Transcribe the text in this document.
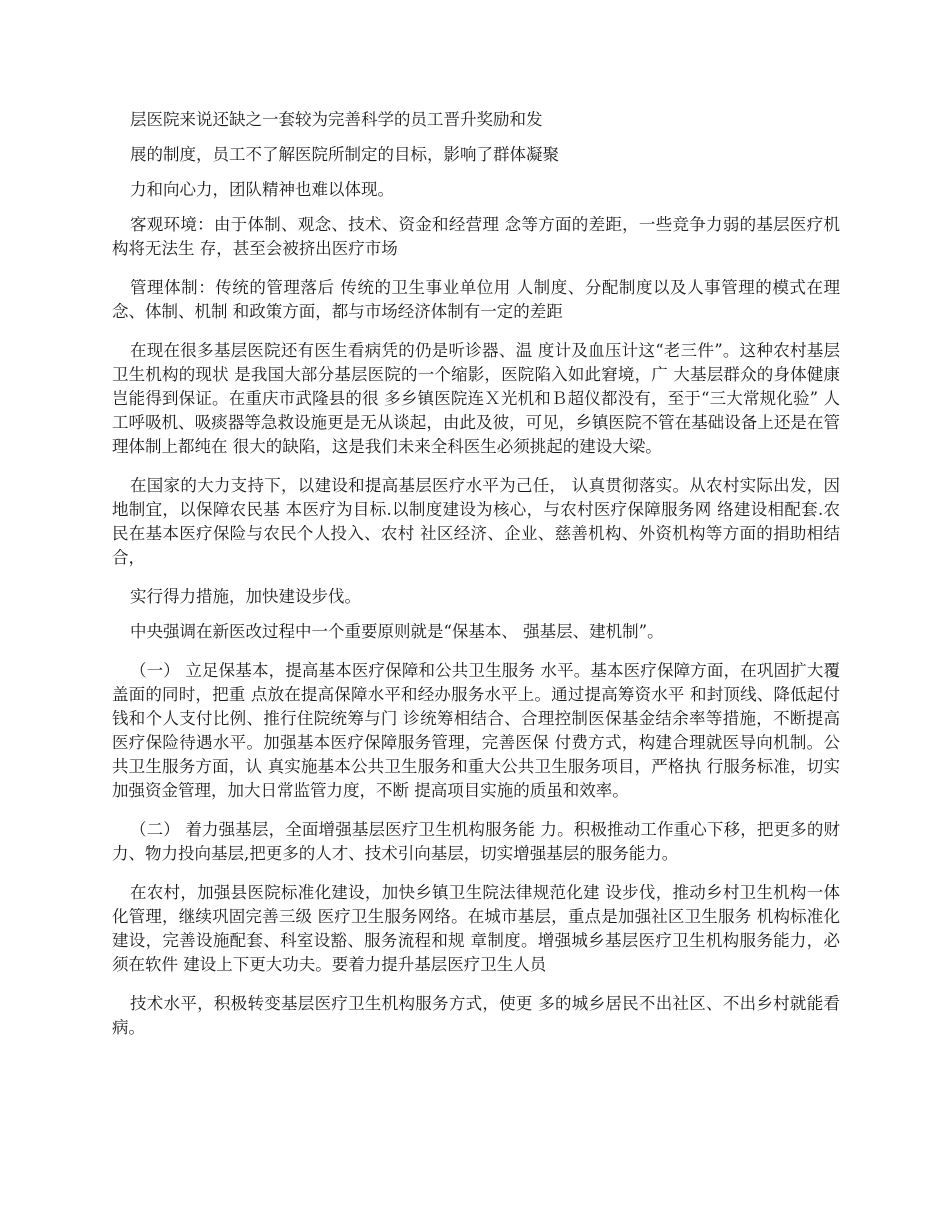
层医院来说还缺之一套较为完善科学的员工晋升奖励和发

展的制度，员工不了解医院所制定的目标，影响了群体凝聚

力和向心力，团队精神也难以体现。

客观环境：由于体制、观念、技术、资金和经营理 念等方面的差距，一些竞争力弱的基层医疗机构将无法生 存，甚至会被挤出医疗市场

管理体制：传统的管理落后 传统的卫生事业单位用 人制度、分配制度以及人事管理的模式在理念、体制、机制 和政策方面，都与市场经济体制有一定的差距

在现在很多基层医院还有医生看病凭的仍是听诊器、温 度计及血压计这“老三件”。这种农村基层卫生机构的现状 是我国大部分基层医院的一个缩影，医院陷入如此窘境，广 大基层群众的身体健康岂能得到保证。在重庆市武隆县的很 多乡镇医院连Ｘ光机和Ｂ超仪都没有，至于“三大常规化验” 人工呼吸机、吸痰器等急救设施更是无从谈起，由此及彼，可见，乡镇医院不管在基础设备上还是在管理体制上都纯在 很大的缺陷，这是我们未来全科医生必须挑起的建设大梁。

在国家的大力支持下，以建设和提高基层医疗水平为己任， 认真贯彻落实。从农村实际出发，因地制宜，以保障农民基 本医疗为目标.以制度建设为核心，与农村医疗保障服务网 络建设相配套.农民在基本医疗保险与农民个人投入、农村 社区经济、企业、慈善机构、外资机构等方面的捐助相结合，

实行得力措施，加快建设步伐。

中央强调在新医改过程中一个重要原则就是“保基本、 强基层、建机制”。

（一） 立足保基本，提高基本医疗保障和公共卫生服务 水平。基本医疗保障方面，在巩固扩大覆盖面的同时，把重 点放在提高保障水平和经办服务水平上。通过提高筹资水平 和封顶线、降低起付钱和个人支付比例、推行住院统筹与门 诊统筹相结合、合理控制医保基金结余率等措施，不断提高 医疗保险待遇水平。加强基本医疗保障服务管理，完善医保 付费方式，构建合理就医导向机制。公共卫生服务方面，认 真实施基本公共卫生服务和重大公共卫生服务项目，严格执 行服务标准，切实加强资金管理，加大日常监管力度，不断 提高项目实施的质虽和效率。

（二） 着力强基层，全面增强基层医疗卫生机构服务能 力。积极推动工作重心下移，把更多的财力、物力投向基层,把更多的人才、技术引向基层，切实增强基层的服务能力。

在农村，加强县医院标准化建设，加快乡镇卫生院法律规范化建 设步伐，推动乡村卫生机构一体化管理，继续巩固完善三级 医疗卫生服务网络。在城市基层，重点是加强社区卫生服务 机构标准化建设，完善设施配套、科室设豁、服务流程和规 章制度。增强城乡基层医疗卫生机构服务能力，必须在软件 建设上下更大功夫。要着力提升基层医疗卫生人员

技术水平，积极转变基层医疗卫生机构服务方式，使更 多的城乡居民不出社区、不出乡村就能看病。
